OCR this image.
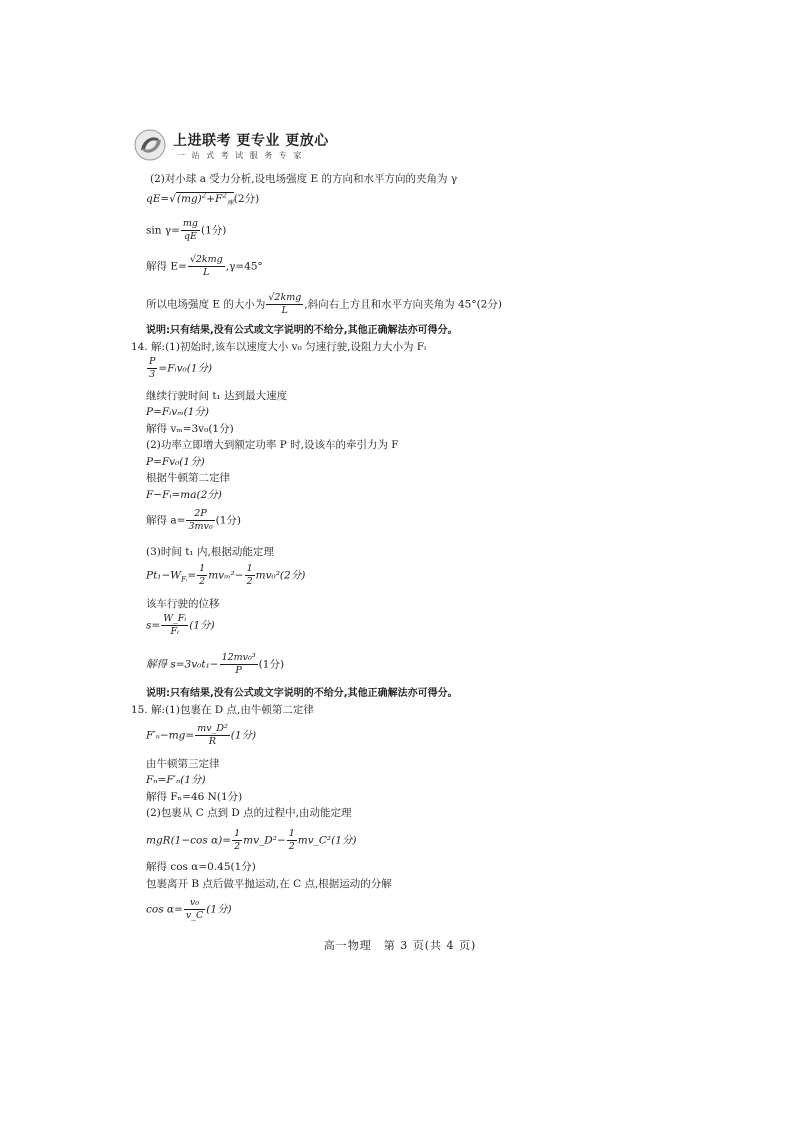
上进联考 更专业 更放心
一 站 式 考 试 服 务 专 家
(2)对小球 a 受力分析,设电场强度 E 的方向和水平方向的夹角为 γ
$qE=√(mg)^2+F^2_库(2$分)
$\sin \gamma= \frac{mg}{qE} (1$分)
解得 $E= \frac{\text{√2kmg}}{L} ,\gamma=45^\circ$
所以电场强度 E 的大小为 $\frac{\text{√2kmg}}{L}$ ,斜向右上方且和水平方向夹角为 45°(2分)
说明:只有结果,没有公式或文字说明的不给分,其他正确解法亦可得分。
14. 解:(1)初始时,该车以速度大小 v₀ 匀速行驶,设阻力大小为 Fᵢ
$\frac{P}{3}$ =Fᵢv₀(1分)
继续行驶时间 t₁ 达到最大速度
P=Fᵢvₘ(1分)
解得 vₘ=3v₀(1分)
(2)功率立即增大到额定功率 P 时,设该车的牵引力为 F
P=Fv₀(1分)
根据牛顿第二定律
F−Fᵢ=ma(2分)
解得 $a= \frac{2P}{\text{3mv₀}} (1$分)
(3)时间 t₁ 内,根据动能定理
$Pt_1-W_{Fᵢ}= \frac{1}{2} mv_m^2- \frac{1}{2} mv_0^2(2$分)
该车行驶的位移
$s= \frac{\text{W\_Fᵢ}}{\text{Fᵢ}} (1$分)
解得 $s=3v_0t_1- \frac{\text{12mv₀³}}{P} (1$分)
说明:只有结果,没有公式或文字说明的不给分,其他正确解法亦可得分。
15. 解:(1)包裹在 D 点,由牛顿第二定律
$F'_n-mg= \frac{\text{mv\_D²}}{R} (1$分)
由牛顿第三定律
Fₙ=F′ₙ(1分)
解得 Fₙ=46 N(1分)
(2)包裹从 C 点到 D 点的过程中,由动能定理
mgR(1−cos $\alpha)= \frac{1}{2}$ mv_D²− $\frac{1}{2}$ mv_C²(1分)
解得 cos α=0.45(1分)
包裹离开 B 点后做平抛运动,在 C 点,根据运动的分解
$\cos \alpha= \frac{\text{v₀}}{v\_C} (1$分)
高一物理　第 3 页(共 4 页)
